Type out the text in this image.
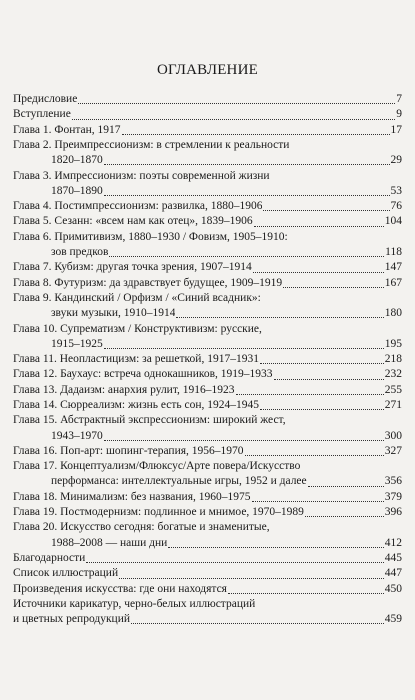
ОГЛАВЛЕНИЕ
Предисловие	7
Вступление	9
Глава 1. Фонтан, 1917	17
Глава 2. Преимпрессионизм: в стремлении к реальности
1820–1870	29
Глава 3. Импрессионизм: поэты современной жизни
1870–1890	53
Глава 4. Постимпрессионизм: развилка, 1880–1906	76
Глава 5. Сезанн: «всем нам как отец», 1839–1906	104
Глава 6. Примитивизм, 1880–1930 / Фовизм, 1905–1910:
зов предков	118
Глава 7. Кубизм: другая точка зрения, 1907–1914	147
Глава 8. Футуризм: да здравствует будущее, 1909–1919	167
Глава 9. Кандинский / Орфизм / «Синий всадник»:
звуки музыки, 1910–1914	180
Глава 10. Супрематизм / Конструктивизм: русские,
1915–1925	195
Глава 11. Неопластицизм: за решеткой, 1917–1931	218
Глава 12. Баухаус: встреча однокашников, 1919–1933	232
Глава 13. Дадаизм: анархия рулит, 1916–1923	255
Глава 14. Сюрреализм: жизнь есть сон, 1924–1945	271
Глава 15. Абстрактный экспрессионизм: широкий жест,
1943–1970	300
Глава 16. Поп-арт: шопинг-терапия, 1956–1970	327
Глава 17. Концептуализм/Флюксус/Арте повера/Искусство
перформанса: интеллектуальные игры, 1952 и далее	356
Глава 18. Минимализм: без названия, 1960–1975	379
Глава 19. Постмодернизм: подлинное и мнимое, 1970–1989	396
Глава 20. Искусство сегодня: богатые и знаменитые,
1988–2008 — наши дни	412
Благодарности	445
Список иллюстраций	447
Произведения искусства: где они находятся	450
Источники карикатур, черно-белых иллюстраций
и цветных репродукций	459
